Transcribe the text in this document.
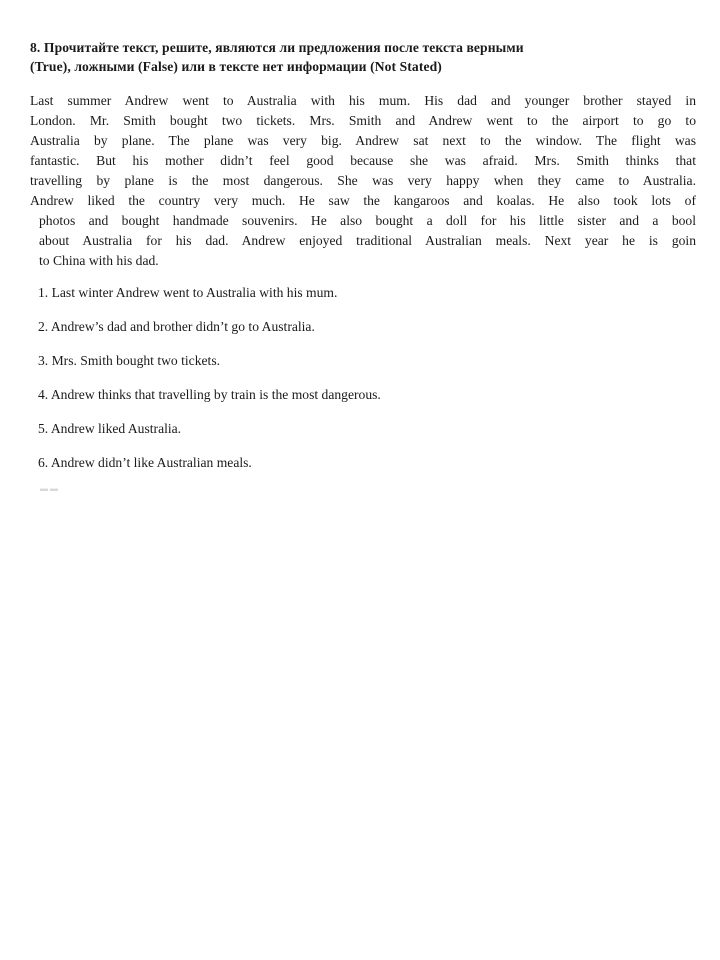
8. Прочитайте текст, решите, являются ли предложения после текста верными
(True), ложными (False) или в тексте нет информации (Not Stated)
Last summer Andrew went to Australia with his mum. His dad and younger brother stayed in
London. Mr. Smith bought two tickets. Mrs. Smith and Andrew went to the airport to go to
Australia by plane. The plane was very big. Andrew sat next to the window. The flight was
fantastic. But his mother didn’t feel good because she was afraid. Mrs. Smith thinks that
travelling by plane is the most dangerous. She was very happy when they came to Australia.
Andrew liked the country very much. He saw the kangaroos and koalas. He also took lots of
photos and bought handmade souvenirs. He also bought a doll for his little sister and a bool
about Australia for his dad. Andrew enjoyed traditional Australian meals. Next year he is goin
to China with his dad.
1. Last winter Andrew went to Australia with his mum.
2. Andrew’s dad and brother didn’t go to Australia.
3. Mrs. Smith bought two tickets.
4. Andrew thinks that travelling by train is the most dangerous.
5. Andrew liked Australia.
6. Andrew didn’t like Australian meals.
▬ ▬
